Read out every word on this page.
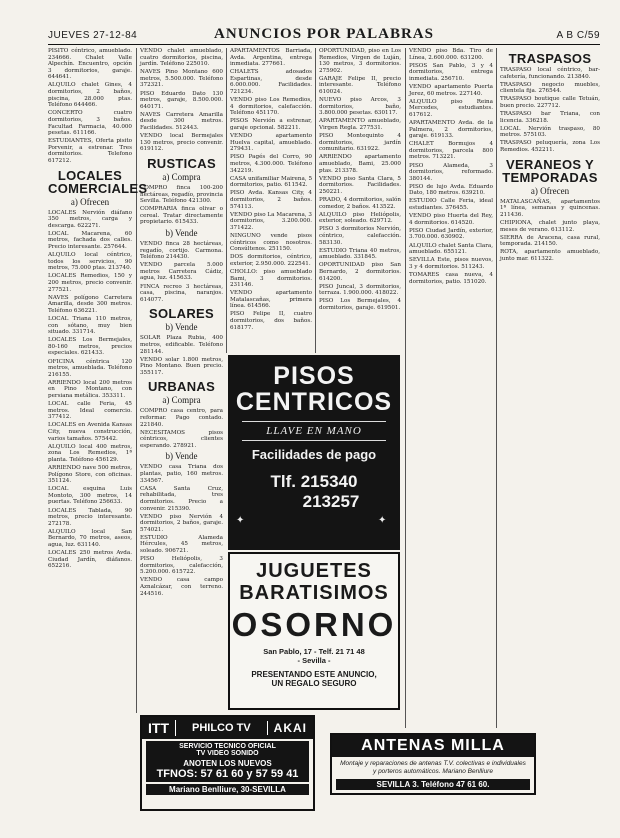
JUEVES 27-12-84	ANUNCIOS POR PALABRAS	A B C/59

PISITO céntrico, amueblado. 234666. Chalet Valle Alpechín. Encuentro, opción 3 dormitorios, garaje. 644641.

ALQUILO chalet Gines, 4 dormitorios, 2 baños, piscina, 28.000 ptas. Teléfono 644466.

CONCERTO cuatro dormitorios, 3 baños. Facultad Farmacia, 40.000 pesetas. 611166.

ESTUDIANTES, Oferta pisito Porvenir, a estrenar. Tres dormitorios. Telefono 617212.

LOCALES COMERCIALES
a) Ofrecen

LOCALES Nervión diáfano 350 metros, carga y descarga. 622271.

LOCAL Macarena, 60 metros, fachada dos calles. Precio interesante. 257644.

ALQUILO local céntrico, todos los servicios, 90 metros, 75.000 ptas. 213740.

LOCALES Remedios, 150 y 200 metros, precio convenir. 277521.

NAVES polígono Carretera Amarilla, desde 300 metros. Teléfono 636221.

LOCAL Triana 110 metros, con sótano, muy bien situado. 331714.

LOCALES Los Bermejales, 80-160 metros, precios especiales. 621433.

OFICINA céntrica 120 metros, amueblada. Teléfono 216155.

ARRIENDO local 200 metros en Pino Montano, con persiana metálica. 353311.

LOCAL calle Feria, 45 metros. Ideal comercio. 377412.

LOCALES en Avenida Kansas City, nueva construcción, varios tamaños. 575442.

ALQUILO local 400 metros, zona Los Remedios, 1ª planta. Teléfono 456129.

ARRIENDO nave 500 metros, Polígono Store, con oficinas. 351124.

LOCAL esquina Luis Montoto, 300 metros, 14 puertas. Teléfono 256633.

LOCALES Tablada, 90 metros, precio interesante. 272178.

ALQUILO local San Bernardo, 70 metros, aseos, agua, luz. 631140.

LOCALES 250 metros Avda. Ciudad Jardín, diáfanos. 652216.

VENDO chalet amueblado, cuatro dormitorios, piscina, jardín. Teléfono 225010.

NAVES Pino Montano 600 metros, 5.500.000. Teléfono 372321.

PISO Eduardo Dato 130 metros, garaje, 8.500.000. 640171.

NAVES Carretera Amarilla desde 300 metros. Facilidades. 512443.

VENDO local Bermejales 130 metros, precio convenir. 619112.

RUSTICAS
a) Compra

COMPRO finca 100-200 hectáreas, regadío, provincia Sevilla. Teléfono 421300.

COMPRARIA finca olivar o cereal. Tratar directamente propietario. 615433.

b) Vende

VENDO finca 28 hectáreas, regadío, cortijo. Carmona. Teléfono 214430.

VENDO parcela 5.000 metros Carretera Cádiz, agua, luz. 415633.

FINCA recreo 3 hectáreas, casa, piscina, naranjos. 614077.

SOLARES
b) Vende

SOLAR Plaza Rubia, 400 metros, edificable. Teléfono 281144.

VENDO solar 1.800 metros, Pino Montano. Buen precio. 355117.

URBANAS
a) Compra

COMPRO casa centro, para reformar. Pago contado. 221840.

NECESITAMOS pisos céntricos, clientes esperando. 278921.

b) Vende

VENDO casa Triana dos plantas, patio, 160 metros. 334567.

CASA Santa Cruz, rehabilitada, tres dormitorios. Precio a convenir. 215390.

VENDO piso Nervión 4 dormitorios, 2 baños, garaje. 574021.

ESTUDIO Alameda Hércules, 45 metros, soleado. 906721.

PISO Heliópolis, 3 dormitorios, calefacción, 5.200.000. 615722.

VENDO casa campo Aznalcázar, con terreno. 244516.

APARTAMENTOS Barriada, Avda. Argentina, entrega inmediata. 277661.

CHALETS adosados Espartinas, desde 6.000.000. Facilidades. 721234.

VENDO piso Los Remedios, 4 dormitorios, calefacción. Teléfono 451170.

PISOS Nervión a estrenar, garaje opcional. 582211.

VENDO apartamento Huelva capital, amueblado. 279431.

PISO Pagés del Corro, 90 metros, 4.300.000. Teléfono 342219.

CASA unifamiliar Mairena, 5 dormitorios, patio. 611542.

PISO Avda. Kansas City, 4 dormitorios, 2 baños. 574113.

VENDO piso La Macarena, 3 dormitorios, 3.200.000. 371422.

NINGUNO vende pisos céntricos como nosotros. Consúltenos. 251150.

DOS dormitorios, céntrico, exterior, 2.950.000. 222541.

CHOLLO: piso amueblado Bami, 3 dormitorios. 231146.

VENDO apartamento Matalascañas, primera línea. 614566.

PISO Felipe II, cuatro dormitorios, dos baños. 618177.

OPORTUNIDAD, piso en Los Remedios, Virgen de Luján, 130 metros, 3 dormitorios. 275902.

GARAJE Felipe II, precio interesante. Teléfono 610024.

NUEVO piso Arcos, 3 dormitorios, baño, 3.800.000 pesetas. 630117.

APARTAMENTO amueblado, Virgen Regla. 277531.

PISO Montequinto 4 dormitorios, jardín comunitario. 631922.

ARRIENDO apartamento amueblado, Bami, 25.000 ptas. 213378.

VENDO piso Santa Clara, 5 dormitorios. Facilidades. 250221.

PRADO, 4 dormitorios, salón comedor, 2 baños. 413522.

ALQUILO piso Heliópolis, exterior, soleado. 629712.

PISO 3 dormitorios Nervión, céntrico, calefacción. 583130.

ESTUDIO Triana 40 metros, amueblado. 331845.

OPORTUNIDAD piso San Bernardo, 2 dormitorios. 614200.

PISO Juncal, 3 dormitorios, terraza. 1.900.000. 418022.

PISO Los Bermejales, 4 dormitorios, garaje. 619501.

VENDO piso Bda. Tiro de Línea, 2.600.000. 631200.

PISOS San Pablo, 3 y 4 dormitorios, entrega inmediata. 256710.

VENDO apartamento Puerta Jerez, 60 metros. 227140.

ALQUILO piso Reina Mercedes, estudiantes. 617612.

APARTAMENTO Avda. de la Palmera, 2 dormitorios, garaje. 619133.

CHALET Bormujos 4 dormitorios, parcela 800 metros. 713221.

PISO Alameda, 3 dormitorios, reformado. 380144.

PISO de lujo Avda. Eduardo Dato, 180 metros. 639210.

ESTUDIO Calle Feria, ideal estudiantes. 376455.

VENDO piso Huerta del Rey, 4 dormitorios. 614520.

PISO Ciudad Jardín, exterior, 3.700.000. 630902.

ALQUILO chalet Santa Clara, amueblado. 655121.

SEVILLA Este, pisos nuevos, 3 y 4 dormitorios. 511243.

TOMARES casa nueva, 4 dormitorios, patio. 151020.

TRASPASOS

TRASPASO local céntrico, bar-cafetería, funcionando. 213840.

TRASPASO negocio muebles, clientela fija. 276544.

TRASPASO boutique calle Tetuán, buen precio. 227712.

TRASPASO bar Triana, con licencia. 336218.

LOCAL Nervión traspaso, 80 metros. 575103.

TRASPASO peluquería, zona Los Remedios. 452211.

VERANEOS Y TEMPORADAS
a) Ofrecen

MATALASCAÑAS, apartamentos 1ª línea, semanas y quincenas. 211436.

CHIPIONA, chalet junto playa, meses de verano. 613112.

SIERRA de Aracena, casa rural, temporada. 214150.

ROTA, apartamento amueblado, junto mar. 611322.

✦	✦
PISOS
CENTRICOS
LLAVE EN MANO
Facilidades de pago
Tlf. 215340
213257
JUGUETES
BARATISIMOS
OSORNO
San Pablo, 17 - Telf. 21 71 48
- Sevilla -
PRESENTANDO ESTE ANUNCIO,
UN REGALO SEGURO
ITT	PHILCO TV	AKAI
SERVICIO TECNICO OFICIAL
TV VIDEO SONIDO
ANOTEN LOS NUEVOS
TFNOS: 57 61 60 y 57 59 41
Mariano Benlliure, 30-SEVILLA
ANTENAS MILLA
Montaje y reparaciones de antenas T.V. colectivas e individuales y porteros automáticos. Mariano Benlliure
SEVILLA 3. Teléfono 47 61 60.
